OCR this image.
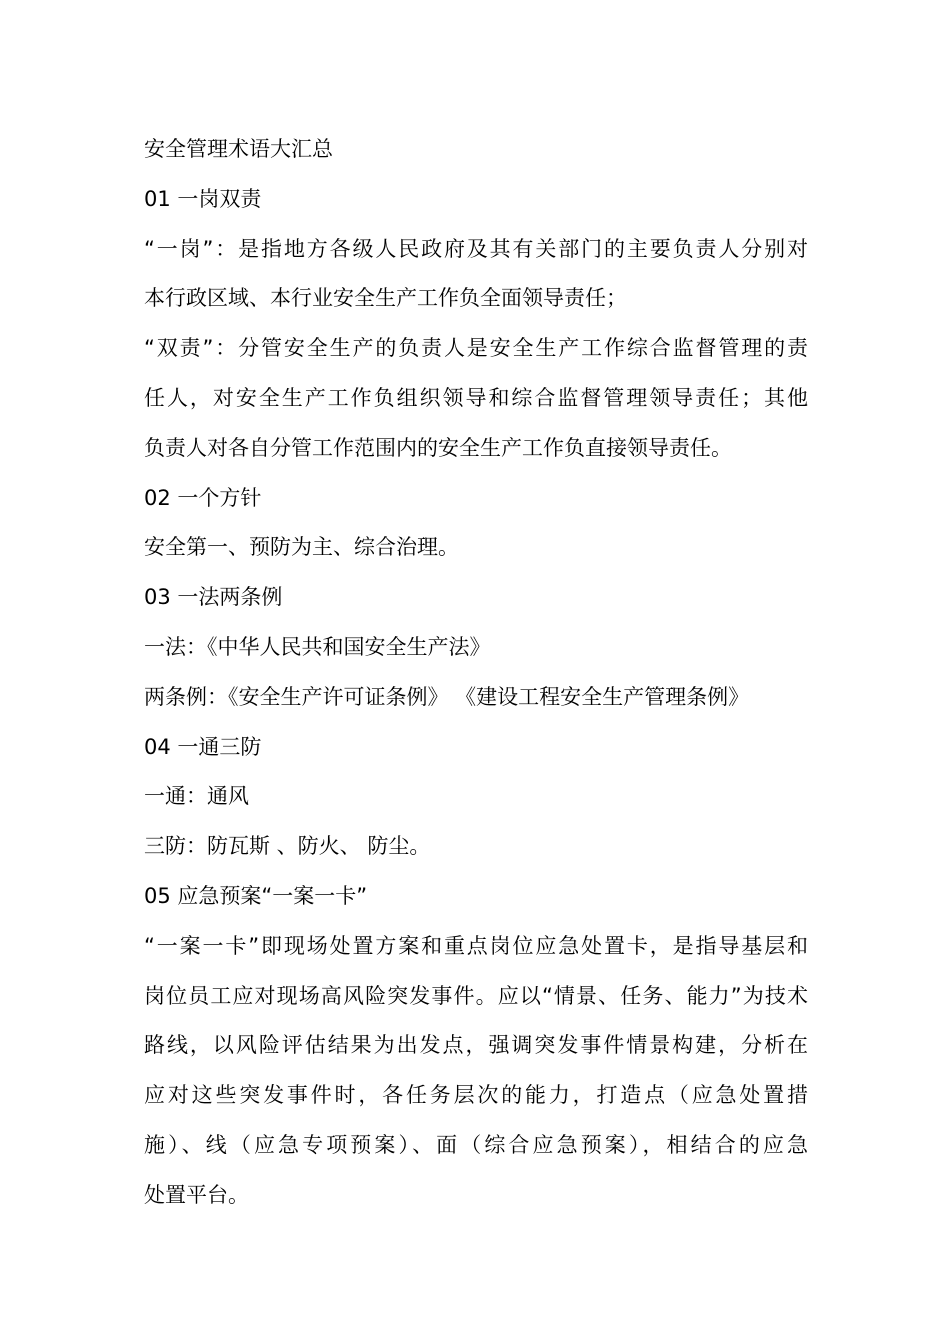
安全管理术语大汇总
01 一岗双责
“一岗”：是指地方各级人民政府及其有关部门的主要负责人分别对
本行政区域、本行业安全生产工作负全面领导责任；
“双责”：分管安全生产的负责人是安全生产工作综合监督管理的责
任人，对安全生产工作负组织领导和综合监督管理领导责任；其他
负责人对各自分管工作范围内的安全生产工作负直接领导责任。
02 一个方针
安全第一、预防为主、综合治理。
03 一法两条例
一法：《中华人民共和国安全生产法》
两条例：《安全生产许可证条例》 《建设工程安全生产管理条例》
04 一通三防
一通：通风
三防：防瓦斯 、防火、 防尘。
05 应急预案“一案一卡”
“一案一卡”即现场处置方案和重点岗位应急处置卡，是指导基层和
岗位员工应对现场高风险突发事件。应以“情景、任务、能力”为技术
路线，以风险评估结果为出发点，强调突发事件情景构建，分析在
应对这些突发事件时，各任务层次的能力，打造点（应急处置措
施）、线（应急专项预案）、面（综合应急预案），相结合的应急
处置平台。
